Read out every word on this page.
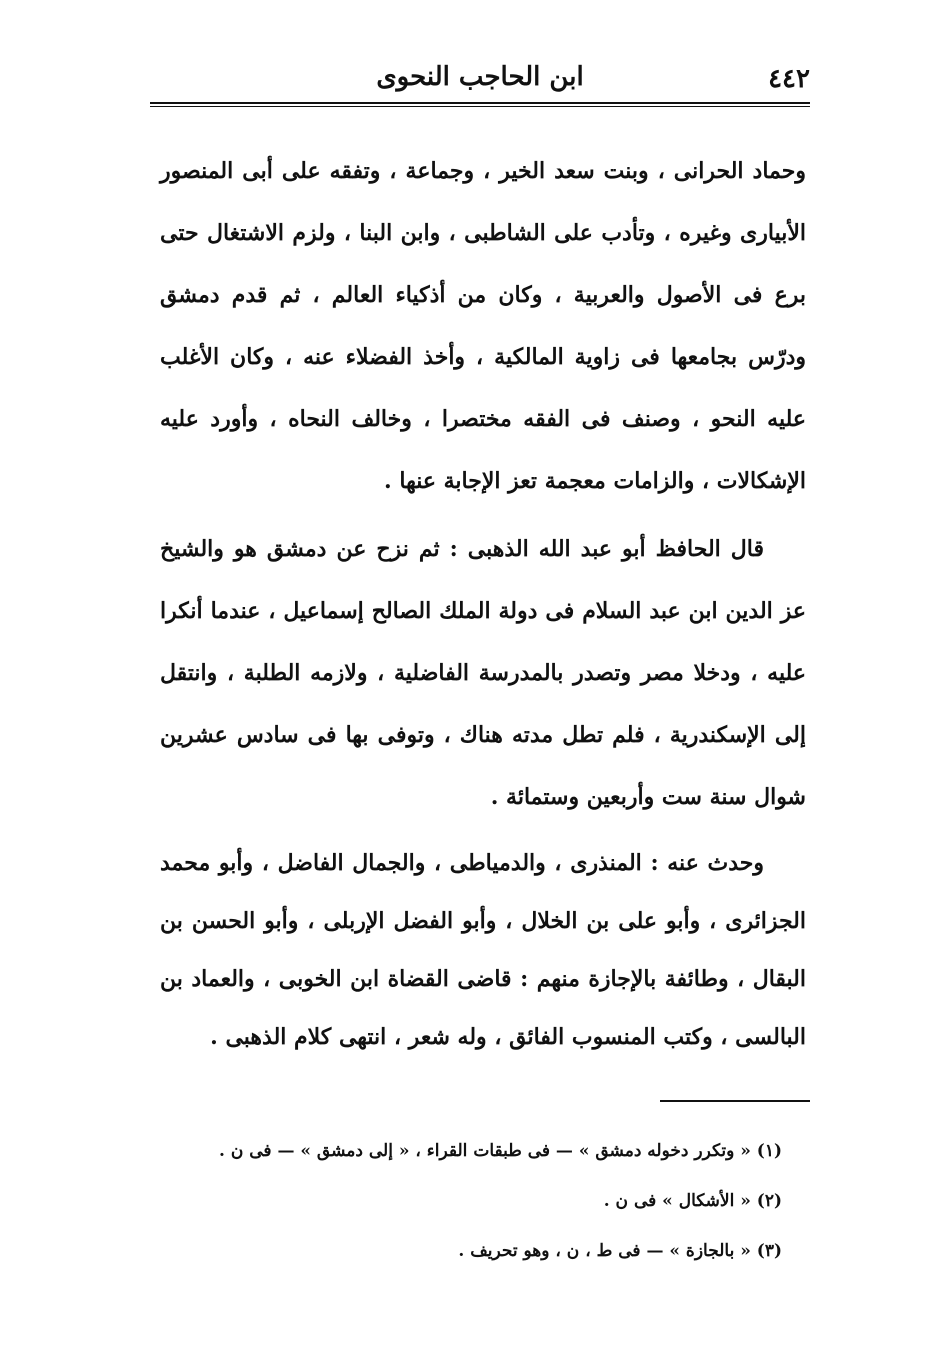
٤٤٢
ابن الحاجب النحوى

وحماد الحرانى ، وبنت سعد الخير ، وجماعة ، وتفقه على أبى المنصور الأبيارى وغيره ، وتأدب على الشاطبى ، وابن البنا ، ولزم الاشتغال حتى برع فى الأصول والعربية ، وكان من أذكياء العالم ، ثم قدم دمشق ودرّس بجامعها فى زاوية المالكية ، وأخذ الفضلاء عنه ، وكان الأغلب عليه النحو ، وصنف فى الفقه مختصرا ، وخالف النحاه ، وأورد عليه الإشكالات ، والزامات معجمة تعز الإجابة عنها .

قال الحافظ أبو عبد الله الذهبى : ثم نزح عن دمشق هو والشيخ عز الدين ابن عبد السلام فى دولة الملك الصالح إسماعيل ، عندما أنكرا عليه ، ودخلا مصر وتصدر بالمدرسة الفاضلية ، ولازمه الطلبة ، وانتقل إلى الإسكندرية ، فلم تطل مدته هناك ، وتوفى بها فى سادس عشرين شوال سنة ست وأربعين وستمائة .

وحدث عنه : المنذرى ، والدمياطى ، والجمال الفاضل ، وأبو محمد الجزائرى ، وأبو على بن الخلال ، وأبو الفضل الإربلى ، وأبو الحسن بن البقال ، وطائفة بالإجازة منهم : قاضى القضاة ابن الخوبى ، والعماد بن البالسى ، وكتب المنسوب الفائق ، وله شعر ، انتهى كلام الذهبى .

(١) « وتكرر دخوله دمشق » — فى طبقات القراء ، « إلى دمشق » — فى ن .

(٢) « الأشكال » فى ن .

(٣) « بالجازة » — فى ط ، ن ، وهو تحريف .
